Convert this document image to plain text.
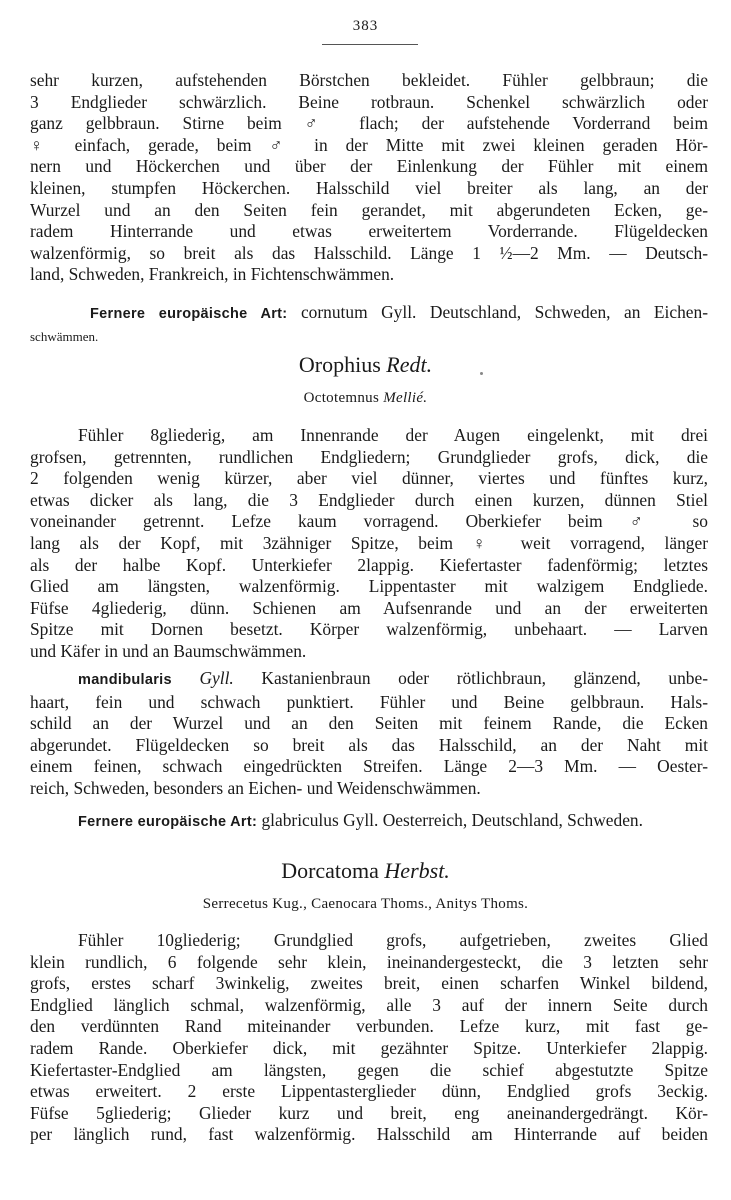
383
sehr kurzen, aufstehenden Börstchen bekleidet. Fühler gelbbraun; die
3 Endglieder schwärzlich. Beine rotbraun. Schenkel schwärzlich oder
ganz gelbbraun. Stirne beim ♂ flach; der aufstehende Vorderrand beim
♀ einfach, gerade, beim ♂ in der Mitte mit zwei kleinen geraden Hör-
nern und Höckerchen und über der Einlenkung der Fühler mit einem
kleinen, stumpfen Höckerchen. Halsschild viel breiter als lang, an der
Wurzel und an den Seiten fein gerandet, mit abgerundeten Ecken, ge-
radem Hinterrande und etwas erweitertem Vorderrande. Flügeldecken
walzenförmig, so breit als das Halsschild. Länge 1 ½—2 Mm. — Deutsch-
land, Schweden, Frankreich, in Fichtenschwämmen.
Fernere europäische Art: cornutum Gyll. Deutschland, Schweden, an Eichen-
schwämmen.
Orophius Redt.
Octotemnus Mellié.
Fühler 8gliederig, am Innenrande der Augen eingelenkt, mit drei
grofsen, getrennten, rundlichen Endgliedern; Grundglieder grofs, dick, die
2 folgenden wenig kürzer, aber viel dünner, viertes und fünftes kurz,
etwas dicker als lang, die 3 Endglieder durch einen kurzen, dünnen Stiel
voneinander getrennt. Lefze kaum vorragend. Oberkiefer beim ♂ so
lang als der Kopf, mit 3zähniger Spitze, beim ♀ weit vorragend, länger
als der halbe Kopf. Unterkiefer 2lappig. Kiefertaster fadenförmig; letztes
Glied am längsten, walzenförmig. Lippentaster mit walzigem Endgliede.
Füfse 4gliederig, dünn. Schienen am Aufsenrande und an der erweiterten
Spitze mit Dornen besetzt. Körper walzenförmig, unbehaart. — Larven
und Käfer in und an Baumschwämmen.
mandibularis Gyll. Kastanienbraun oder rötlichbraun, glänzend, unbe-
haart, fein und schwach punktiert. Fühler und Beine gelbbraun. Hals-
schild an der Wurzel und an den Seiten mit feinem Rande, die Ecken
abgerundet. Flügeldecken so breit als das Halsschild, an der Naht mit
einem feinen, schwach eingedrückten Streifen. Länge 2—3 Mm. — Oester-
reich, Schweden, besonders an Eichen- und Weidenschwämmen.
Fernere europäische Art: glabriculus Gyll. Oesterreich, Deutschland, Schweden.
Dorcatoma Herbst.
Serrecetus Kug., Caenocara Thoms., Anitys Thoms.
Fühler 10gliederig; Grundglied grofs, aufgetrieben, zweites Glied
klein rundlich, 6 folgende sehr klein, ineinandergesteckt, die 3 letzten sehr
grofs, erstes scharf 3winkelig, zweites breit, einen scharfen Winkel bildend,
Endglied länglich schmal, walzenförmig, alle 3 auf der innern Seite durch
den verdünnten Rand miteinander verbunden. Lefze kurz, mit fast ge-
radem Rande. Oberkiefer dick, mit gezähnter Spitze. Unterkiefer 2lappig.
Kiefertaster-Endglied am längsten, gegen die schief abgestutzte Spitze
etwas erweitert. 2 erste Lippentasterglieder dünn, Endglied grofs 3eckig.
Füfse 5gliederig; Glieder kurz und breit, eng aneinandergedrängt. Kör-
per länglich rund, fast walzenförmig. Halsschild am Hinterrande auf beiden
